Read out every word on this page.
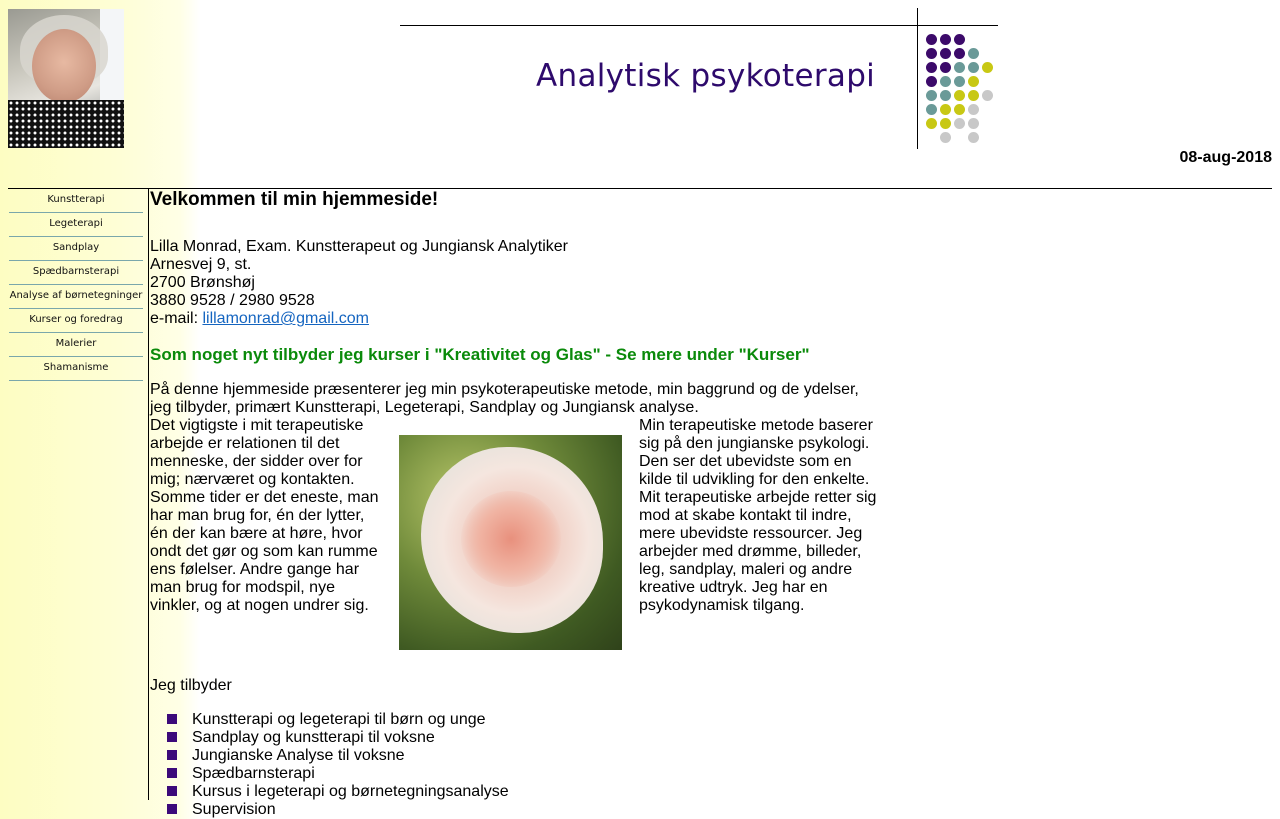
Analytisk psykoterapi
08-aug-2018
Kunstterapi
Legeterapi
Sandplay
Spædbarnsterapi
Analyse af børnetegninger
Kurser og foredrag
Malerier
Shamanisme
Velkommen til min hjemmeside!
Lilla Monrad, Exam. Kunstterapeut og Jungiansk Analytiker
Arnesvej 9, st.
2700 Brønshøj
3880 9528 / 2980 9528
e-mail: lillamonrad@gmail.com
Som noget nyt tilbyder jeg kurser i "Kreativitet og Glas" - Se mere under "Kurser"
På denne hjemmeside præsenterer jeg min psykoterapeutiske metode, min baggrund og de ydelser, jeg tilbyder, primært Kunstterapi, Legeterapi, Sandplay og Jungiansk analyse.
Det vigtigste i mit terapeutiske arbejde er relationen til det menneske, der sidder over for mig; nærværet og kontakten. Somme tider er det eneste, man har man brug for, én der lytter, én der kan bære at høre, hvor ondt det gør og som kan rumme ens følelser. Andre gange har man brug for modspil, nye vinkler, og at nogen undrer sig.
Min terapeutiske metode baserer sig på den jungianske psykologi. Den ser det ubevidste som en kilde til udvikling for den enkelte. Mit terapeutiske arbejde retter sig mod at skabe kontakt til indre, mere ubevidste ressourcer. Jeg arbejder med drømme, billeder, leg, sandplay, maleri og andre kreative udtryk. Jeg har en psykodynamisk tilgang.
Jeg tilbyder
Kunstterapi og legeterapi til børn og unge
Sandplay og kunstterapi til voksne
Jungianske Analyse til voksne
Spædbarnsterapi
Kursus i legeterapi og børnetegningsanalyse
Supervision
